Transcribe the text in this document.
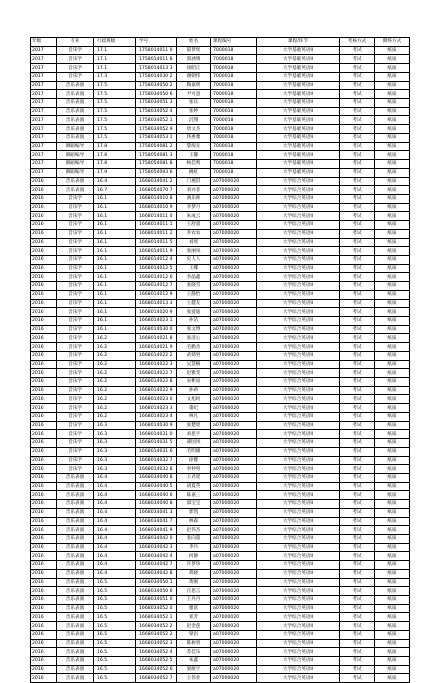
年级	专业	行政班级	学号	姓名	课程编号	课程/环节	考核方式	期终方式
2017	音乐学	17.1	1758014011 0	郁梦瑶	7000018	大学基础英语II	考试	纸质
2017	音乐学	17.1	1758014011 8	郭涵瑀	7000018	大学基础英语II	考试	纸质
2017	音乐学	17.1	1758014013 3	徐昭正	7000018	大学基础英语II	考试	纸质
2017	音乐学	17.3	1758014030 2	谢朝伟	7000018	大学基础英语II	考试	纸质
2017	音乐表演	17.5	1758034050 2	陶嘉明	7000018	大学基础英语II	考试	纸质
2017	音乐表演	17.5	1758034050 6	尹可意	7000018	大学基础英语II	考试	纸质
2017	音乐表演	17.5	1758034051 3	张钰	7000018	大学基础英语II	考试	纸质
2017	音乐表演	17.5	1758034052 4	张婷	7000018	大学基础英语II	考试	纸质
2017	音乐表演	17.5	1758034052 1	沉翔	7000018	大学基础英语II	考试	纸质
2017	音乐表演	17.5	1758034052 9	唐文杰	7000018	大学基础英语II	考试	纸质
2017	音乐表演	17.5	1758034053 1	佟惠雅	7000018	大学基础英语II	考试	纸质
2017	舞蹈编导	17.8	1758054081 2	黎海先	7000018	大学基础英语II	考试	纸质
2017	舞蹈编导	17.8	1758054081 3	王馨	7000018	大学基础英语II	考试	纸质
2017	舞蹈编导	17.8	1758054081 8	杨佳鸣	7000018	大学基础英语II	考试	纸质
2017	舞蹈编导	17.9	1758054093 6	姚虹	7000018	大学基础英语II	考试	纸质
2016	音乐表演	16.4	1668034041 2	门琬淇	a07000020	大学综合英语II	考试	纸质
2016	音乐表演	16.7	1668054070 7	刘亦菲	a07000020	大学综合英语II	考试	纸质
2016	音乐学	16.1	1668014010 8	满乐师	a07000020	大学综合英语II	考试	纸质
2016	音乐学	16.1	1668014010 9	李梦月	a07000020	大学综合英语II	考试	纸质
2016	音乐学	16.1	1668014011 0	朱成云	a07000020	大学综合英语II	考试	纸质
2016	音乐学	16.1	1668014011 1	王舒量	a07000020	大学综合英语II	考试	纸质
2016	音乐学	16.1	1668014011 2	乔农农	a07000020	大学综合英语II	考试	纸质
2016	音乐学	16.1	1668014011 5	刘瑶	a07000020	大学综合英语II	考试	纸质
2016	音乐学	16.1	1668014011 9	张丽凤	a07000020	大学综合英语II	考试	纸质
2016	音乐学	16.1	1668014012 4	史人人	a07000020	大学综合英语II	考试	纸质
2016	音乐学	16.1	1668014012 5	王娜	a07000020	大学综合英语II	考试	纸质
2016	音乐学	16.1	1668014012 6	李晶鑫	a07000020	大学综合英语II	考试	纸质
2016	音乐学	16.1	1668014012 7	张晓雪	a07000020	大学综合英语II	考试	纸质
2016	音乐学	16.1	1668014012 9	王静怡	a07000020	大学综合英语II	考试	纸质
2016	音乐学	16.1	1668014013 3	王健友	a07000020	大学综合英语II	考试	纸质
2016	音乐学	16.1	1668014020 9	张爱迪	a07000020	大学综合英语II	考试	纸质
2016	音乐学	16.1	1668014023 1	孙洁	a07000020	大学综合英语II	考试	纸质
2016	音乐学	16.1	1668014030 0	张文博	a07000020	大学综合英语II	考试	纸质
2016	音乐学	16.2	1668014021 8	张清心	a07000020	大学综合英语II	考试	纸质
2016	音乐学	16.2	1668014021 9	毛勤杰	a07000020	大学综合英语II	考试	纸质
2016	音乐学	16.2	1668014022 2	武婧男	a07000020	大学综合英语II	考试	纸质
2016	音乐学	16.2	1668014022 3	吴慧楠	a07000020	大学综合英语II	考试	纸质
2016	音乐学	16.2	1668014022 7	赵雅雯	a07000020	大学综合英语II	考试	纸质
2016	音乐学	16.2	1668014022 8	宋彬雨	a07000020	大学综合英语II	考试	纸质
2016	音乐学	16.2	1668014022 9	孙莉	a07000020	大学综合英语II	考试	纸质
2016	音乐学	16.2	1668014023 0	文旭珂	a07000020	大学综合英语II	考试	纸质
2016	音乐学	16.2	1668014023 3	董纪	a07000020	大学综合英语II	考试	纸质
2016	音乐学	16.2	1668014023 4	林凡	a07000020	大学综合英语II	考试	纸质
2016	音乐学	16.3	1668014030 9	张楚瑶	a07000020	大学综合英语II	考试	纸质
2016	音乐学	16.3	1668014031 0	刘思宇	a07000020	大学综合英语II	考试	纸质
2016	音乐学	16.3	1668014031 5	谭园凤	a07000020	大学综合英语II	考试	纸质
2016	音乐学	16.3	1668014031 6	毛明雄	a07000020	大学综合英语II	考试	纸质
2016	音乐学	16.3	1668014032 7	徐健	a07000020	大学综合英语II	考试	纸质
2016	音乐学	16.3	1668014032 8	李仲男	a07000020	大学综合英语II	考试	纸质
2016	音乐表演	16.4	1668034040 8	王君瑶	a07000020	大学综合英语II	考试	纸质
2016	音乐表演	16.4	1668034040 5	胡夏英	a07000020	大学综合英语II	考试	纸质
2016	音乐表演	16.4	1668034040 6	陈嘉三	a07000020	大学综合英语II	考试	纸质
2016	音乐表演	16.4	1668034040 8	邵宝宝	a07000020	大学综合英语II	考试	纸质
2016	音乐表演	16.4	1668034041 3	郭凯	a07000020	大学综合英语II	考试	纸质
2016	音乐表演	16.4	1668034041 7	林森	a07000020	大学综合英语II	考试	纸质
2016	音乐表演	16.4	1668034041 9	赵伟杰	a07000020	大学综合英语II	考试	纸质
2016	音乐表演	16.4	1668034042 0	张向超	a07000020	大学综合英语II	考试	纸质
2016	音乐表演	16.4	1668034042 3	李丹	a07000020	大学综合英语II	考试	纸质
2016	音乐表演	16.4	1668034042 4	何静	a07000020	大学综合英语II	考试	纸质
2016	音乐表演	16.4	1668034042 7	许梦珍	a07000020	大学综合英语II	考试	纸质
2016	音乐表演	16.4	1668034042 8	蒋晓	a07000020	大学综合英语II	考试	纸质
2016	音乐表演	16.5	1668034050 1	黄刚	a07000020	大学综合英语II	考试	纸质
2016	音乐表演	16.5	1668034050 6	庄思言	a07000020	大学综合英语II	考试	纸质
2016	音乐表演	16.5	1668034051 0	王丹丹	a07000020	大学综合英语II	考试	纸质
2016	音乐表演	16.5	1668034052 0	廖富	a07000020	大学综合英语II	考试	纸质
2016	音乐表演	16.5	1668034052 1	邓芳	a07000020	大学综合英语II	考试	纸质
2016	音乐表演	16.5	1668034052 2	赵金莲	a07000020	大学综合英语II	考试	纸质
2016	音乐表演	16.5	1668034052 2	梁岩	a07000020	大学综合英语II	考试	纸质
2016	音乐表演	16.5	1668034052 3	陈树勇	a07000020	大学综合英语II	考试	纸质
2016	音乐表演	16.5	1668034052 4	苏佳乐	a07000020	大学综合英语II	考试	纸质
2016	音乐表演	16.5	1668034052 5	朱鑫	a07000020	大学综合英语II	考试	纸质
2016	音乐表演	16.5	1668034052 6	梁航宇	a07000020	大学综合英语II	考试	纸质
2016	音乐表演	16.5	1668034052 7	王伟业	a07000020	大学综合英语II	考试	纸质
